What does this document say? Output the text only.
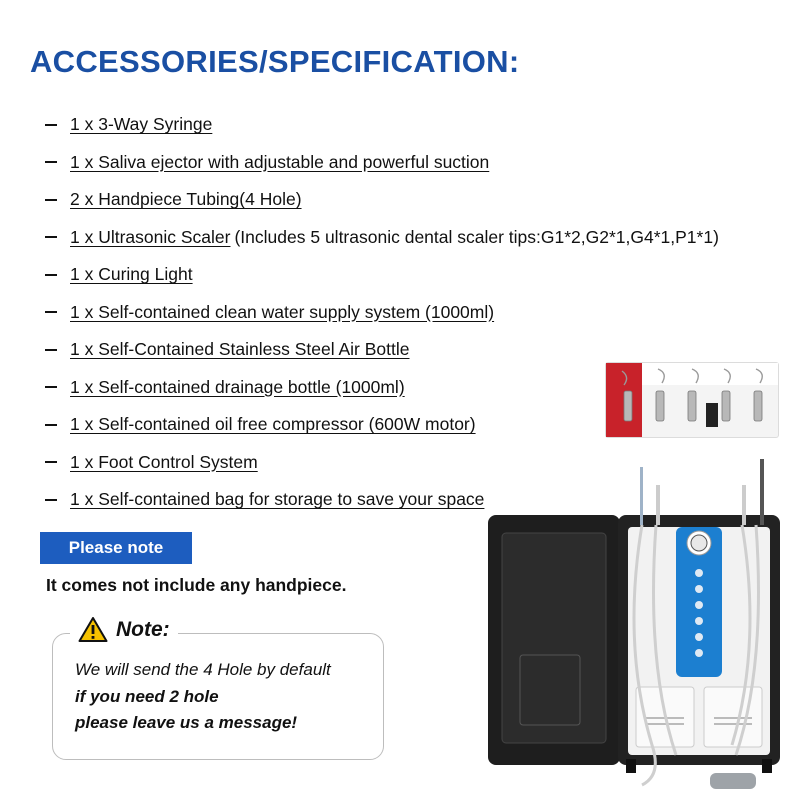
ACCESSORIES/SPECIFICATION:
1 x 3-Way Syringe
1 x Saliva ejector with adjustable and powerful suction
2 x Handpiece Tubing(4 Hole)
1 x Ultrasonic Scaler (Includes 5 ultrasonic dental scaler tips:G1*2,G2*1,G4*1,P1*1)
1 x Curing Light
1 x Self-contained clean water supply system (1000ml)
1 x Self-Contained Stainless Steel Air Bottle
1 x Self-contained drainage bottle (1000ml)
1 x Self-contained oil free compressor (600W motor)
1 x Foot Control System
1 x Self-contained bag for storage to save your space
Please note
It comes not include any handpiece.
Note:
We will send the 4 Hole by default
if you need 2 hole
please leave us a message!
